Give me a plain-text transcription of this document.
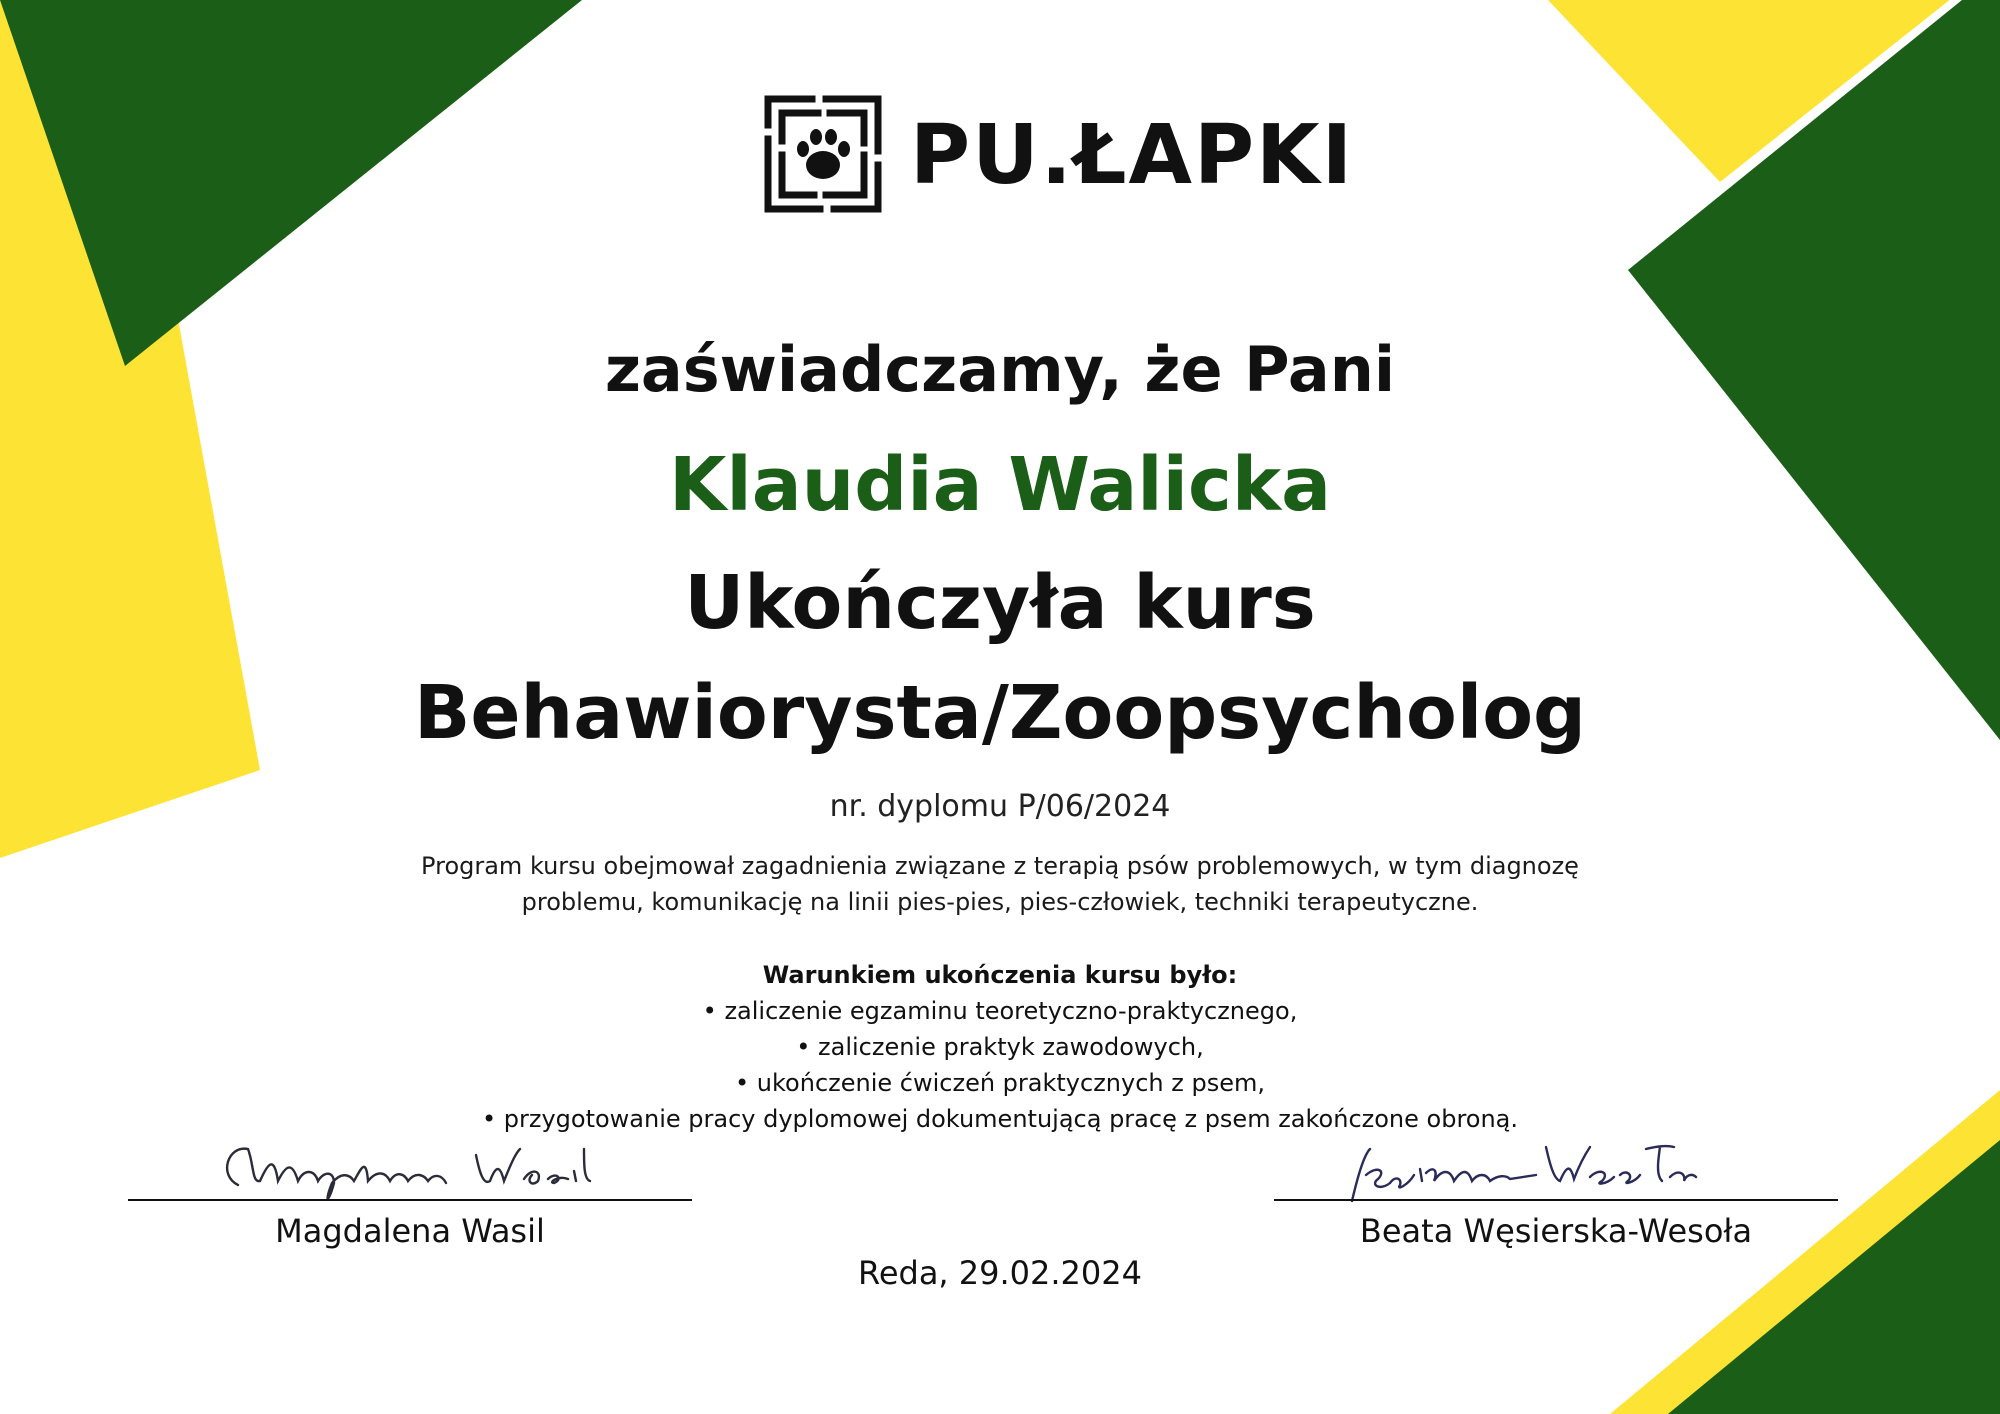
PU.ŁAPKI
zaświadczamy, że Pani
Klaudia Walicka
Ukończyła kurs
Behawiorysta/Zoopsycholog
nr. dyplomu P/06/2024
Program kursu obejmował zagadnienia związane z terapią psów problemowych, w tym diagnozę
problemu, komunikację na linii pies-pies, pies-człowiek, techniki terapeutyczne.
Warunkiem ukończenia kursu było:
• zaliczenie egzaminu teoretyczno-praktycznego,
• zaliczenie praktyk zawodowych,
• ukończenie ćwiczeń praktycznych z psem,
• przygotowanie pracy dyplomowej dokumentującą pracę z psem zakończone obroną.
Magdalena Wasil	Beata Węsierska-Wesoła
Reda, 29.02.2024
